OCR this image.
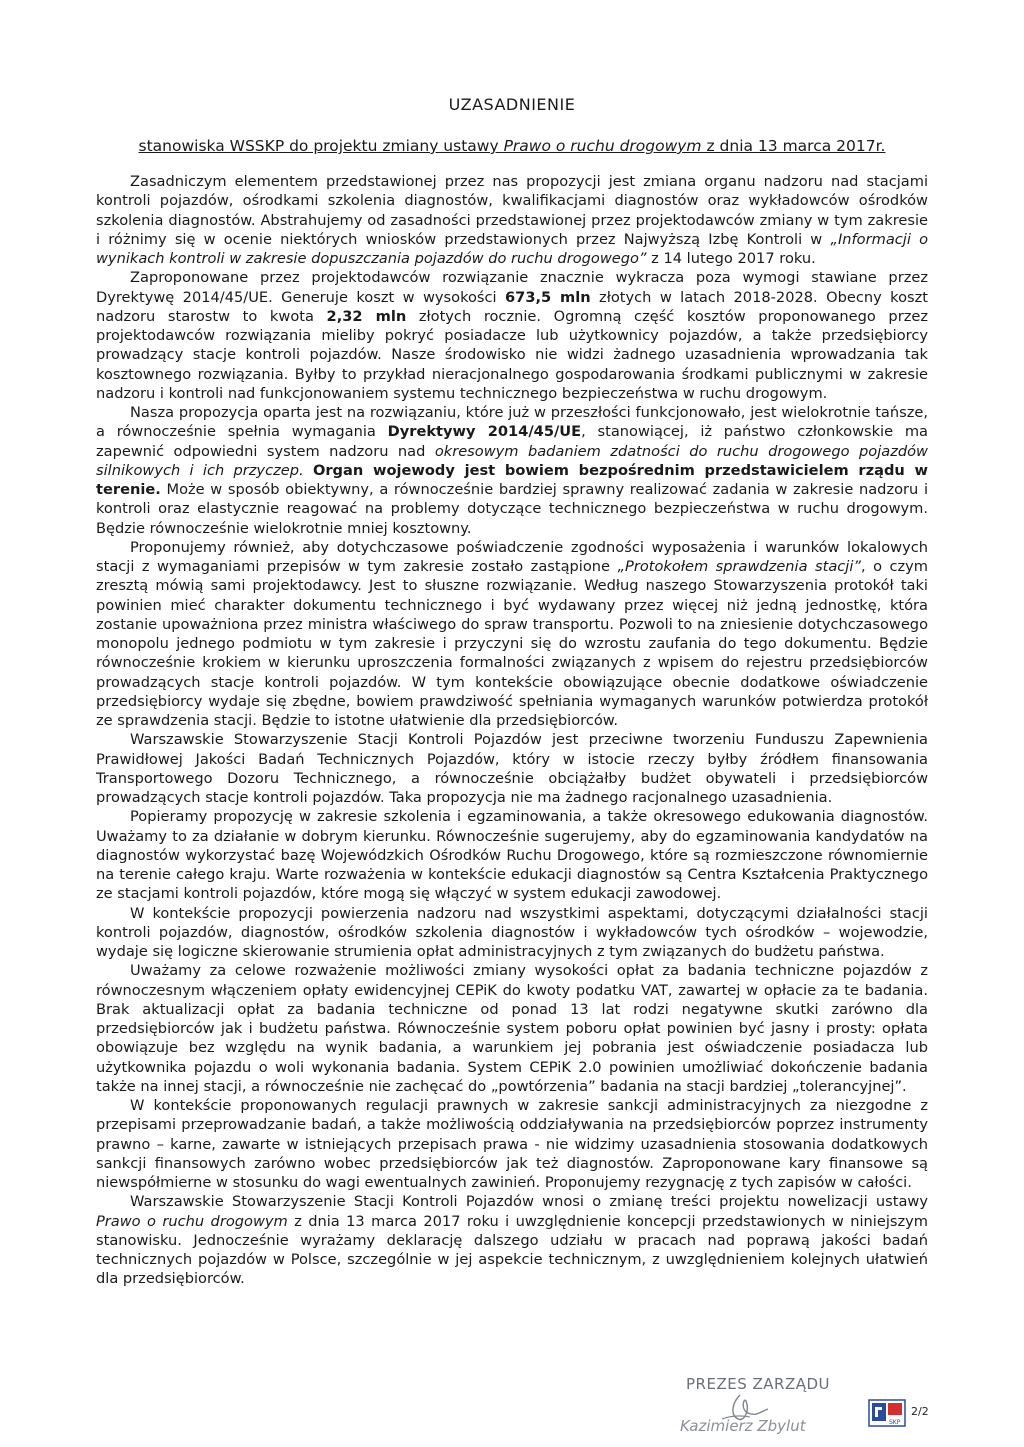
UZASADNIENIE
stanowiska WSSKP do projektu zmiany ustawy Prawo o ruchu drogowym z dnia 13 marca 2017r.

Zasadniczym elementem przedstawionej przez nas propozycji jest zmiana organu nadzoru nad stacjami kontroli pojazdów, ośrodkami szkolenia diagnostów, kwalifikacjami diagnostów oraz wykładowców ośrodków szkolenia diagnostów. Abstrahujemy od zasadności przedstawionej przez projektodawców zmiany w tym zakresie i różnimy się w ocenie niektórych wniosków przedstawionych przez Najwyższą Izbę Kontroli w „Informacji o wynikach kontroli w zakresie dopuszczania pojazdów do ruchu drogowego” z 14 lutego 2017 roku.

Zaproponowane przez projektodawców rozwiązanie znacznie wykracza poza wymogi stawiane przez Dyrektywę 2014/45/UE. Generuje koszt w wysokości 673,5 mln złotych w latach 2018-2028. Obecny koszt nadzoru starostw to kwota 2,32 mln złotych rocznie. Ogromną część kosztów proponowanego przez projektodawców rozwiązania mieliby pokryć posiadacze lub użytkownicy pojazdów, a także przedsiębiorcy prowadzący stacje kontroli pojazdów. Nasze środowisko nie widzi żadnego uzasadnienia wprowadzania tak kosztownego rozwiązania. Byłby to przykład nieracjonalnego gospodarowania środkami publicznymi w zakresie nadzoru i kontroli nad funkcjonowaniem systemu technicznego bezpieczeństwa w ruchu drogowym.

Nasza propozycja oparta jest na rozwiązaniu, które już w przeszłości funkcjonowało, jest wielokrotnie tańsze, a równocześnie spełnia wymagania Dyrektywy 2014/45/UE, stanowiącej, iż państwo członkowskie ma zapewnić odpowiedni system nadzoru nad okresowym badaniem zdatności do ruchu drogowego pojazdów silnikowych i ich przyczep. Organ wojewody jest bowiem bezpośrednim przedstawicielem rządu w terenie. Może w sposób obiektywny, a równocześnie bardziej sprawny realizować zadania w zakresie nadzoru i kontroli oraz elastycznie reagować na problemy dotyczące technicznego bezpieczeństwa w ruchu drogowym. Będzie równocześnie wielokrotnie mniej kosztowny.

Proponujemy również, aby dotychczasowe poświadczenie zgodności wyposażenia i warunków lokalowych stacji z wymaganiami przepisów w tym zakresie zostało zastąpione „Protokołem sprawdzenia stacji”, o czym zresztą mówią sami projektodawcy. Jest to słuszne rozwiązanie. Według naszego Stowarzyszenia protokół taki powinien mieć charakter dokumentu technicznego i być wydawany przez więcej niż jedną jednostkę, która zostanie upoważniona przez ministra właściwego do spraw transportu. Pozwoli to na zniesienie dotychczasowego monopolu jednego podmiotu w tym zakresie i przyczyni się do wzrostu zaufania do tego dokumentu. Będzie równocześnie krokiem w kierunku uproszczenia formalności związanych z wpisem do rejestru przedsiębiorców prowadzących stacje kontroli pojazdów. W tym kontekście obowiązujące obecnie dodatkowe oświadczenie przedsiębiorcy wydaje się zbędne, bowiem prawdziwość spełniania wymaganych warunków potwierdza protokół ze sprawdzenia stacji. Będzie to istotne ułatwienie dla przedsiębiorców.

Warszawskie Stowarzyszenie Stacji Kontroli Pojazdów jest przeciwne tworzeniu Funduszu Zapewnienia Prawidłowej Jakości Badań Technicznych Pojazdów, który w istocie rzeczy byłby źródłem finansowania Transportowego Dozoru Technicznego, a równocześnie obciążałby budżet obywateli i przedsiębiorców prowadzących stacje kontroli pojazdów. Taka propozycja nie ma żadnego racjonalnego uzasadnienia.

Popieramy propozycję w zakresie szkolenia i egzaminowania, a także okresowego edukowania diagnostów. Uważamy to za działanie w dobrym kierunku. Równocześnie sugerujemy, aby do egzaminowania kandydatów na diagnostów wykorzystać bazę Wojewódzkich Ośrodków Ruchu Drogowego, które są rozmieszczone równomiernie na terenie całego kraju. Warte rozważenia w kontekście edukacji diagnostów są Centra Kształcenia Praktycznego ze stacjami kontroli pojazdów, które mogą się włączyć w system edukacji zawodowej.

W kontekście propozycji powierzenia nadzoru nad wszystkimi aspektami, dotyczącymi działalności stacji kontroli pojazdów, diagnostów, ośrodków szkolenia diagnostów i wykładowców tych ośrodków – wojewodzie, wydaje się logiczne skierowanie strumienia opłat administracyjnych z tym związanych do budżetu państwa.

Uważamy za celowe rozważenie możliwości zmiany wysokości opłat za badania techniczne pojazdów z równoczesnym włączeniem opłaty ewidencyjnej CEPiK do kwoty podatku VAT, zawartej w opłacie za te badania. Brak aktualizacji opłat za badania techniczne od ponad 13 lat rodzi negatywne skutki zarówno dla przedsiębiorców jak i budżetu państwa. Równocześnie system poboru opłat powinien być jasny i prosty: opłata obowiązuje bez względu na wynik badania, a warunkiem jej pobrania jest oświadczenie posiadacza lub użytkownika pojazdu o woli wykonania badania. System CEPiK 2.0 powinien umożliwiać dokończenie badania także na innej stacji, a równocześnie nie zachęcać do „powtórzenia” badania na stacji bardziej „tolerancyjnej”.

W kontekście proponowanych regulacji prawnych w zakresie sankcji administracyjnych za niezgodne z przepisami przeprowadzanie badań, a także możliwością oddziaływania na przedsiębiorców poprzez instrumenty prawno – karne, zawarte w istniejących przepisach prawa - nie widzimy uzasadnienia stosowania dodatkowych sankcji finansowych zarówno wobec przedsiębiorców jak też diagnostów. Zaproponowane kary finansowe są niewspółmierne w stosunku do wagi ewentualnych zawinień. Proponujemy rezygnację z tych zapisów w całości.

Warszawskie Stowarzyszenie Stacji Kontroli Pojazdów wnosi o zmianę treści projektu nowelizacji ustawy Prawo o ruchu drogowym z dnia 13 marca 2017 roku i uwzględnienie koncepcji przedstawionych w niniejszym stanowisku. Jednocześnie wyrażamy deklarację dalszego udziału w pracach nad poprawą jakości badań technicznych pojazdów w Polsce, szczególnie w jej aspekcie technicznym, z uwzględnieniem kolejnych ułatwień dla przedsiębiorców.

PREZES ZARZĄDU
Kazimierz Zbylut	SKP
2/2
